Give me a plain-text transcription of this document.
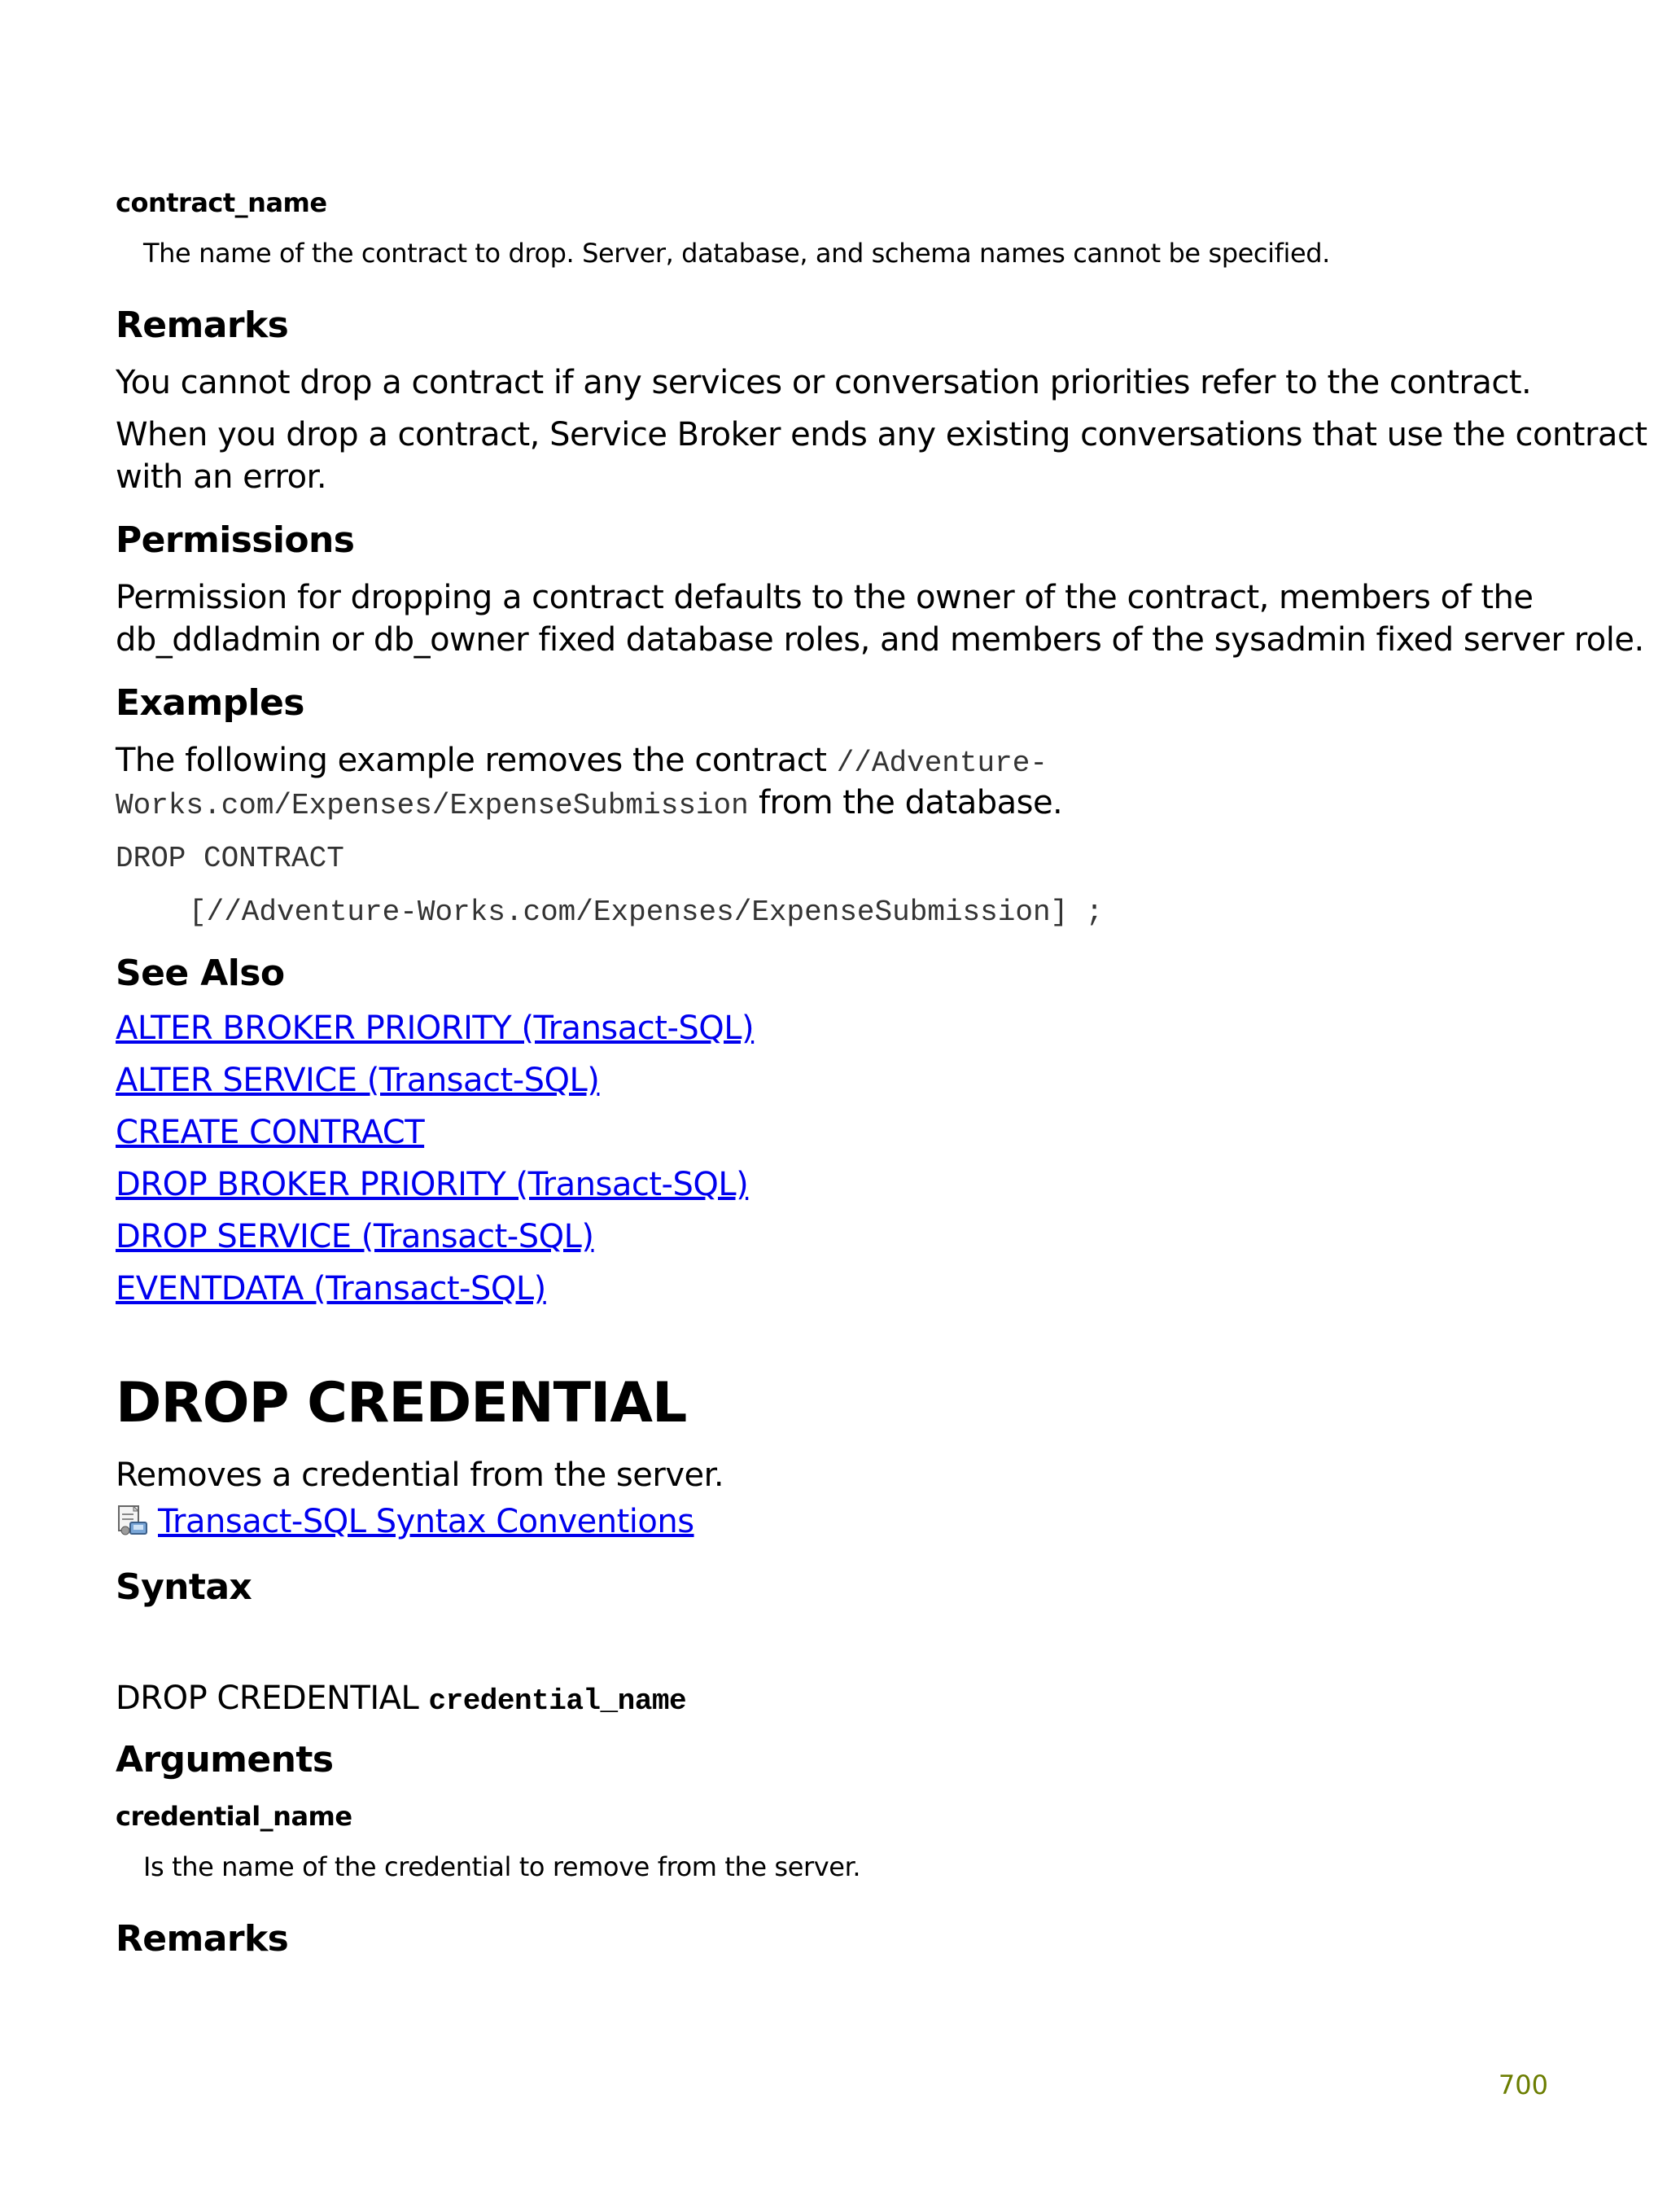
contract_name
The name of the contract to drop. Server, database, and schema names cannot be specified.
Remarks
You cannot drop a contract if any services or conversation priorities refer to the contract.
When you drop a contract, Service Broker ends any existing conversations that use the contract
with an error.
Permissions
Permission for dropping a contract defaults to the owner of the contract, members of the
db_ddladmin or db_owner fixed database roles, and members of the sysadmin fixed server role.
Examples
The following example removes the contract //Adventure-
Works.com/Expenses/ExpenseSubmission from the database.
DROP CONTRACT
[//Adventure-Works.com/Expenses/ExpenseSubmission] ;
See Also
ALTER BROKER PRIORITY (Transact-SQL)
ALTER SERVICE (Transact-SQL)
CREATE CONTRACT
DROP BROKER PRIORITY (Transact-SQL)
DROP SERVICE (Transact-SQL)
EVENTDATA (Transact-SQL)
DROP CREDENTIAL
Removes a credential from the server.
Transact-SQL Syntax Conventions
Syntax
DROP CREDENTIAL credential_name
Arguments
credential_name
Is the name of the credential to remove from the server.
Remarks
700
